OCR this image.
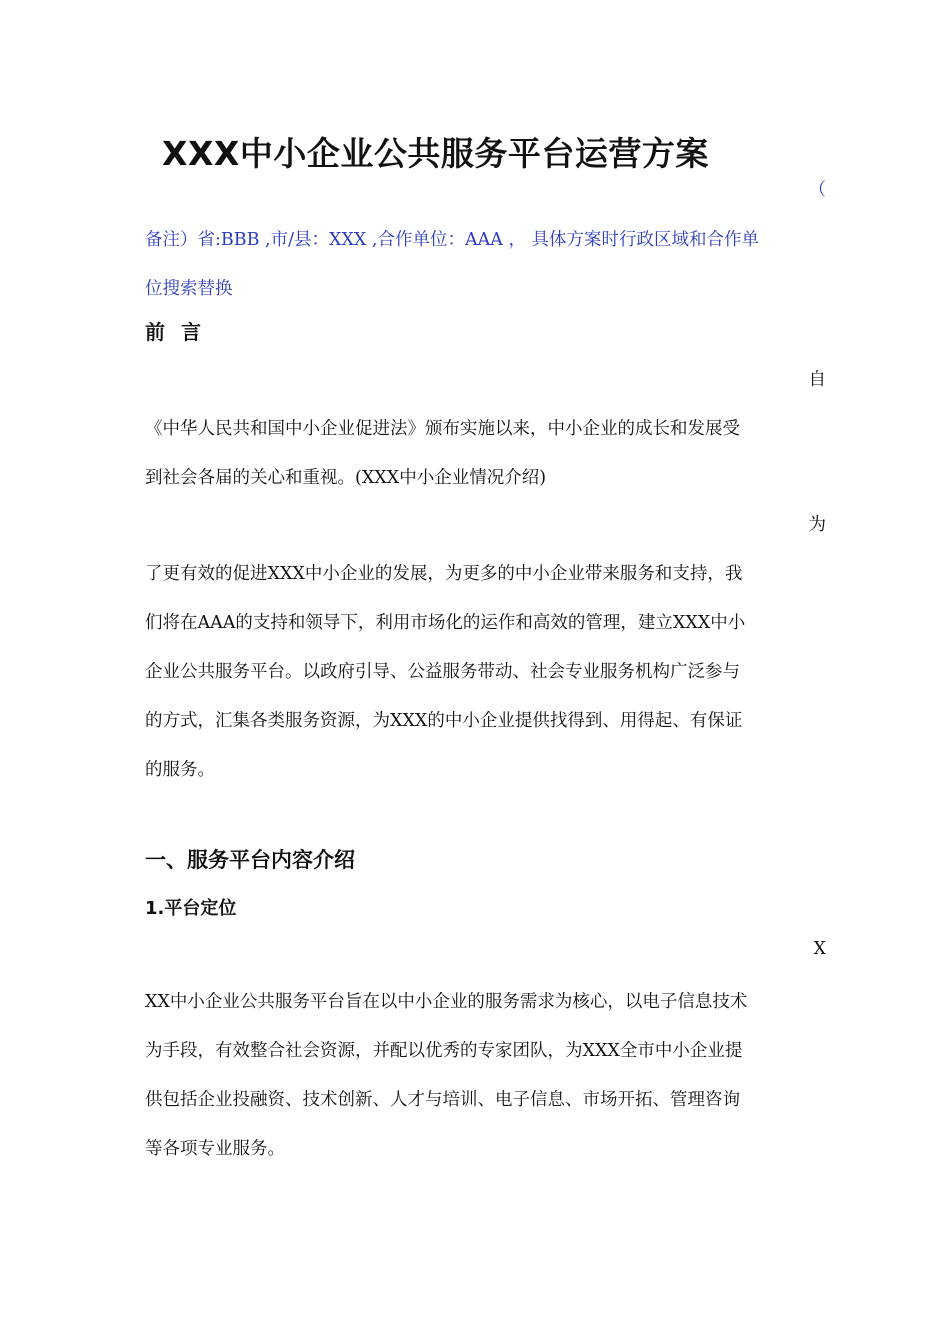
XXX中小企业公共服务平台运营方案
（
备注）省:BBB ,市/县：XXX ,合作单位：AAA ， 具体方案时行政区域和合作单
位搜索替换
前言
自
《中华人民共和国中小企业促进法》颁布实施以来，中小企业的成长和发展受
到社会各届的关心和重视。(XXX中小企业情况介绍)
为
了更有效的促进XXX中小企业的发展，为更多的中小企业带来服务和支持，我
们将在AAA的支持和领导下，利用市场化的运作和高效的管理，建立XXX中小
企业公共服务平台。以政府引导、公益服务带动、社会专业服务机构广泛参与
的方式，汇集各类服务资源，为XXX的中小企业提供找得到、用得起、有保证
的服务。
一、服务平台内容介绍
1.平台定位
X
XX中小企业公共服务平台旨在以中小企业的服务需求为核心，以电子信息技术
为手段，有效整合社会资源，并配以优秀的专家团队，为XXX全市中小企业提
供包括企业投融资、技术创新、人才与培训、电子信息、市场开拓、管理咨询
等各项专业服务。
